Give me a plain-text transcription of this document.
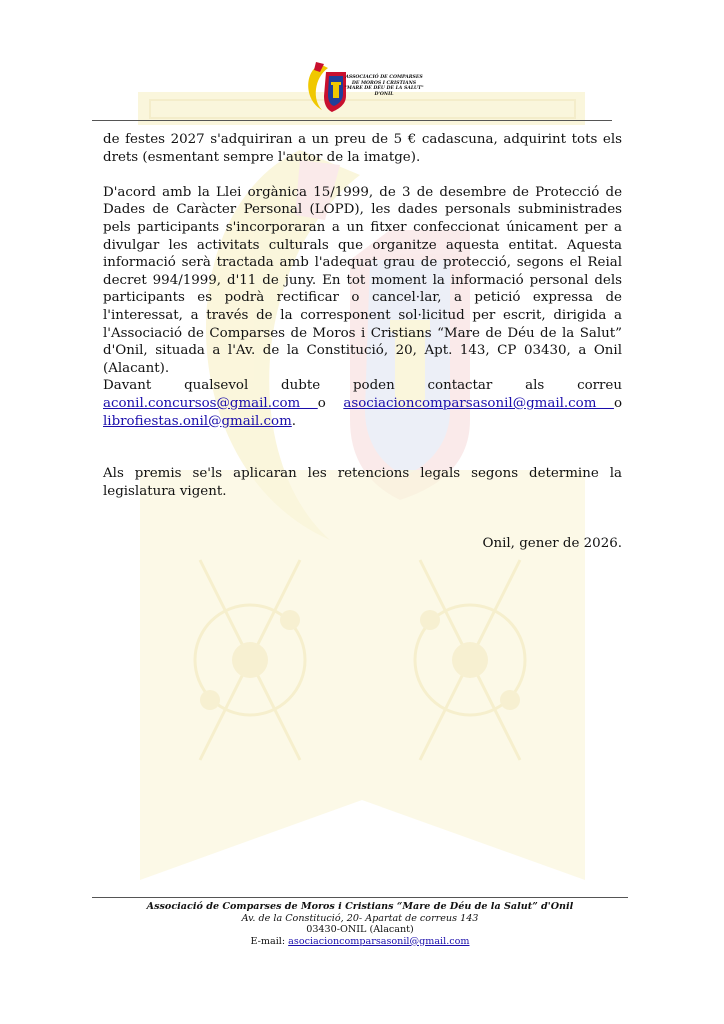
ASSOCIACIÓ DE COMPARSES
DE MOROS I CRISTIANS
"MARE DE DÉU DE LA SALUT"
D'ONIL

de festes 2027 s'adquiriran a un preu de 5 € cadascuna, adquirint tots els drets (esmentant sempre l'autor de la imatge).

D'acord amb la Llei orgànica 15/1999, de 3 de desembre de Protecció de Dades de Caràcter Personal (LOPD), les dades personals subministrades pels participants s'incorporaran a un fitxer confeccionat únicament per a divulgar les activitats culturals que organitze aquesta entitat. Aquesta informació serà tractada amb l'adequat grau de protecció, segons el Reial decret 994/1999, d'11 de juny. En tot moment la informació personal dels participants es podrà rectificar o cancel·lar, a petició expressa de l'interessat, a través de la corresponent sol·licitud per escrit, dirigida a l'Associació de Comparses de Moros i Cristians “Mare de Déu de la Salut” d'Onil, situada a l'Av. de la Constitució, 20, Apt. 143, CP 03430, a Onil (Alacant).

Davant qualsevol dubte poden contactar als correu aconil.concursos@gmail.com o asociacioncomparsasonil@gmail.com o librofiestas.onil@gmail.com.

Als premis se'ls aplicaran les retencions legals segons determine la legislatura vigent.

Onil, gener de 2026.

Associació de Comparses de Moros i Cristians “Mare de Déu de la Salut” d'Onil
Av. de la Constitució, 20- Apartat de correus 143
03430-ONIL (Alacant)
E-mail: asociacioncomparsasonil@gmail.com
